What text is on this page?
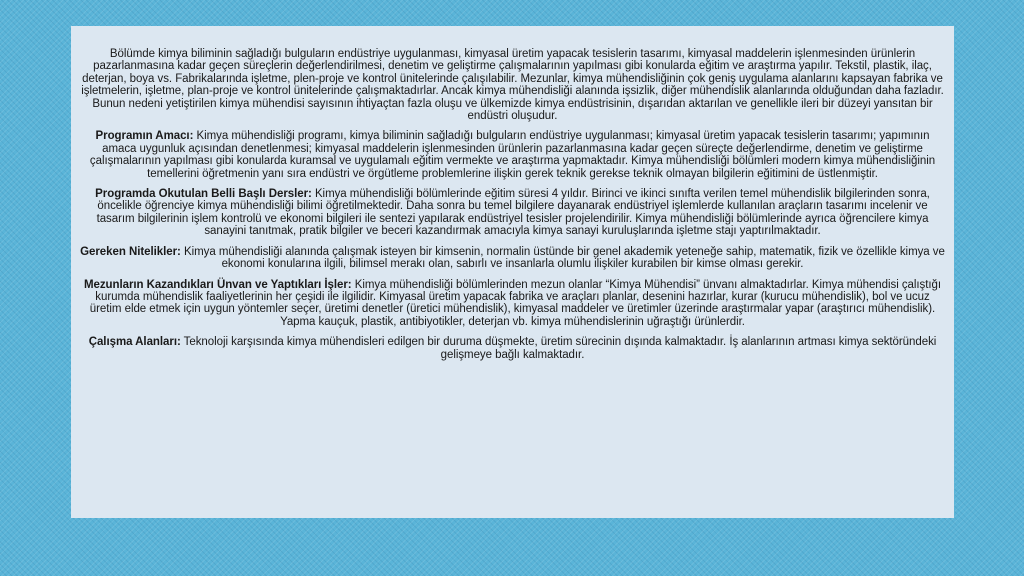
Bölümde kimya biliminin sağladığı bulguların endüstriye uygulanması, kimyasal üretim yapacak tesislerin tasarımı, kimyasal maddelerin işlenmesinden ürünlerin pazarlanmasına kadar geçen süreçlerin değerlendirilmesi, denetim ve geliştirme çalışmalarının yapılması gibi konularda eğitim ve araştırma yapılır. Tekstil, plastik, ilaç, deterjan, boya vs. Fabrikalarında işletme, plen-proje ve kontrol ünitelerinde çalışılabilir. Mezunlar, kimya mühendisliğinin çok geniş uygulama alanlarını kapsayan fabrika ve işletmelerin, işletme, plan-proje ve kontrol ünitelerinde çalışmaktadırlar. Ancak kimya mühendisliği alanında işsizlik, diğer mühendislik alanlarında olduğundan daha fazladır. Bunun nedeni yetiştirilen kimya mühendisi sayısının ihtiyaçtan fazla oluşu ve ülkemizde kimya endüstrisinin, dışarıdan aktarılan ve genellikle ileri bir düzeyi yansıtan bir endüstri oluşudur.

Programın Amacı: Kimya mühendisliği programı, kimya biliminin sağladığı bulguların endüstriye uygulanması; kimyasal üretim yapacak tesislerin tasarımı; yapımının amaca uygunluk açısından denetlenmesi; kimyasal maddelerin işlenmesinden ürünlerin pazarlanmasına kadar geçen süreçte değerlendirme, denetim ve geliştirme çalışmalarının yapılması gibi konularda kuramsal ve uygulamalı eğitim vermekte ve araştırma yapmaktadır. Kimya mühendisliği bölümleri modern kimya mühendisliğinin temellerini öğretmenin yanı sıra endüstri ve örgütleme problemlerine ilişkin gerek teknik gerekse teknik olmayan bilgilerin eğitimini de üstlenmiştir.

Programda Okutulan Belli Başlı Dersler: Kimya mühendisliği bölümlerinde eğitim süresi 4 yıldır. Birinci ve ikinci sınıfta verilen temel mühendislik bilgilerinden sonra, öncelikle öğrenciye kimya mühendisliği bilimi öğretilmektedir. Daha sonra bu temel bilgilere dayanarak endüstriyel işlemlerde kullanılan araçların tasarımı incelenir ve tasarım bilgilerinin işlem kontrolü ve ekonomi bilgileri ile sentezi yapılarak endüstriyel tesisler projelendirilir. Kimya mühendisliği bölümlerinde ayrıca öğrencilere kimya sanayini tanıtmak, pratik bilgiler ve beceri kazandırmak amacıyla kimya sanayi kuruluşlarında işletme stajı yaptırılmaktadır.

Gereken Nitelikler: Kimya mühendisliği alanında çalışmak isteyen bir kimsenin, normalin üstünde bir genel akademik yeteneğe sahip, matematik, fizik ve özellikle kimya ve ekonomi konularına ilgili, bilimsel merakı olan, sabırlı ve insanlarla olumlu ilişkiler kurabilen bir kimse olması gerekir.

Mezunların Kazandıkları Ünvan ve Yaptıkları İşler: Kimya mühendisliği bölümlerinden mezun olanlar “Kimya Mühendisi” ünvanı almaktadırlar. Kimya mühendisi çalıştığı kurumda mühendislik faaliyetlerinin her çeşidi ile ilgilidir. Kimyasal üretim yapacak fabrika ve araçları planlar, desenini hazırlar, kurar (kurucu mühendislik), bol ve ucuz üretim elde etmek için uygun yöntemler seçer, üretimi denetler (üretici mühendislik), kimyasal maddeler ve üretimler üzerinde araştırmalar yapar (araştırıcı mühendislik). Yapma kauçuk, plastik, antibiyotikler, deterjan vb. kimya mühendislerinin uğraştığı ürünlerdir.

Çalışma Alanları: Teknoloji karşısında kimya mühendisleri edilgen bir duruma düşmekte, üretim sürecinin dışında kalmaktadır. İş alanlarının artması kimya sektöründeki gelişmeye bağlı kalmaktadır.
